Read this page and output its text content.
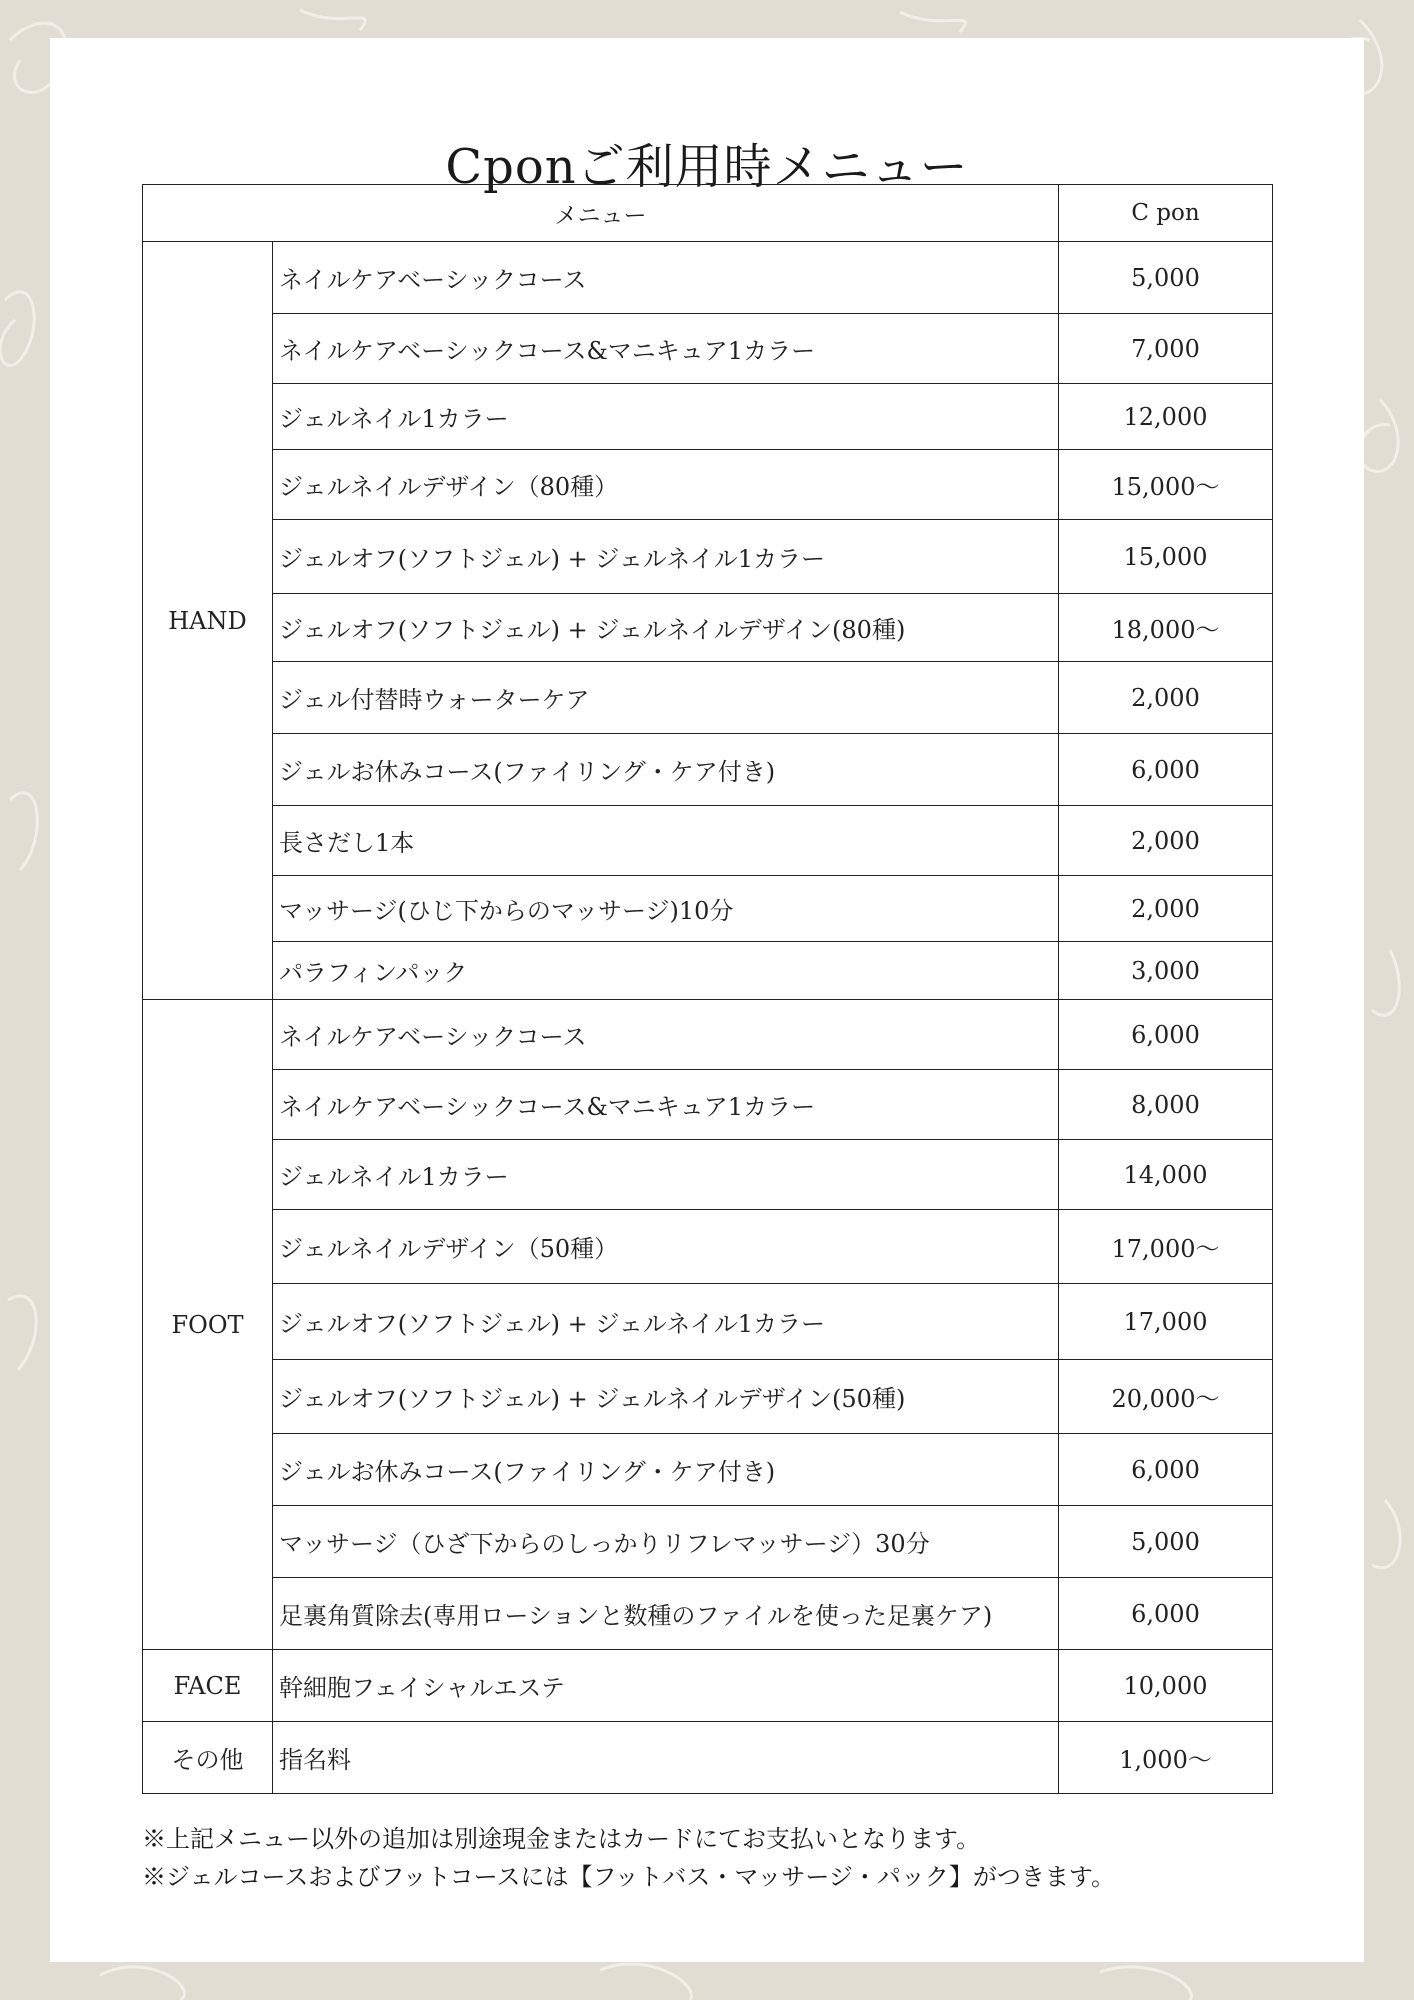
Cponご利用時メニュー
メニュー		C pon
HAND	ネイルケアベーシックコース	5,000
	ネイルケアベーシックコース&マニキュア1カラー	7,000
	ジェルネイル1カラー	12,000
	ジェルネイルデザイン（80種）	15,000〜
	ジェルオフ(ソフトジェル) + ジェルネイル1カラー	15,000
	ジェルオフ(ソフトジェル) + ジェルネイルデザイン(80種)	18,000〜
	ジェル付替時ウォーターケア	2,000
	ジェルお休みコース(ファイリング・ケア付き)	6,000
	長さだし1本	2,000
	マッサージ(ひじ下からのマッサージ)10分	2,000
	パラフィンパック	3,000
FOOT	ネイルケアベーシックコース	6,000
	ネイルケアベーシックコース&マニキュア1カラー	8,000
	ジェルネイル1カラー	14,000
	ジェルネイルデザイン（50種）	17,000〜
	ジェルオフ(ソフトジェル) + ジェルネイル1カラー	17,000
	ジェルオフ(ソフトジェル) + ジェルネイルデザイン(50種)	20,000〜
	ジェルお休みコース(ファイリング・ケア付き)	6,000
	マッサージ（ひざ下からのしっかりリフレマッサージ）30分	5,000
	足裏角質除去(専用ローションと数種のファイルを使った足裏ケア)	6,000
FACE	幹細胞フェイシャルエステ	10,000
その他	指名料	1,000〜
※上記メニュー以外の追加は別途現金またはカードにてお支払いとなります。
※ジェルコースおよびフットコースには【フットバス・マッサージ・パック】がつきます。
